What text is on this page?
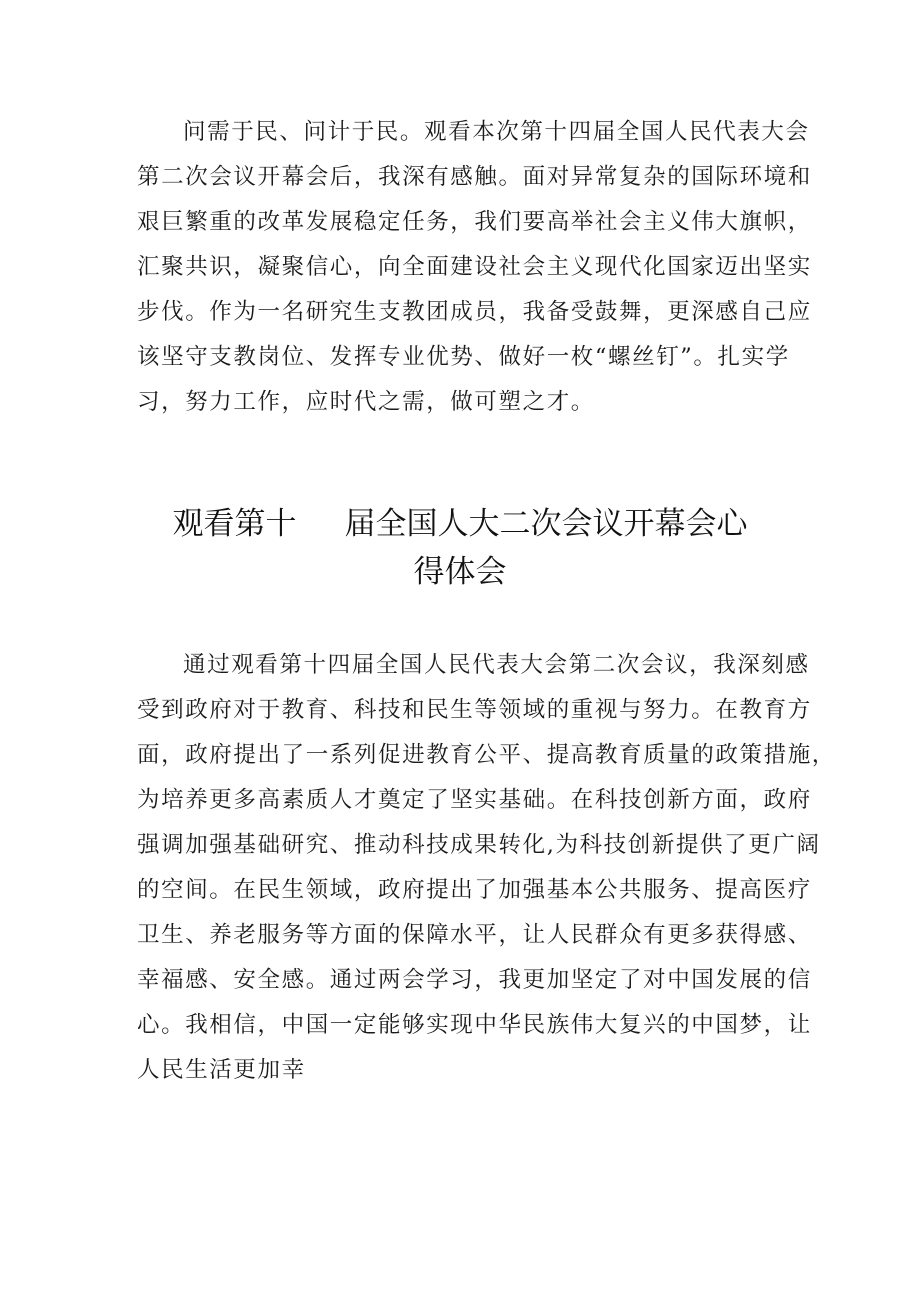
问需于民、问计于民。观看本次第十四届全国人民代表大会
第二次会议开幕会后，我深有感触。面对异常复杂的国际环境和
艰巨繁重的改革发展稳定任务，我们要高举社会主义伟大旗帜，
汇聚共识，凝聚信心，向全面建设社会主义现代化国家迈出坚实
步伐。作为一名研究生支教团成员，我备受鼓舞，更深感自己应
该坚守支教岗位、发挥专业优势、做好一枚“螺丝钉”。扎实学
习，努力工作，应时代之需，做可塑之才。
观看第十 届全国人大二次会议开幕会心
得体会
通过观看第十四届全国人民代表大会第二次会议，我深刻感
受到政府对于教育、科技和民生等领域的重视与努力。在教育方
面，政府提出了一系列促进教育公平、提高教育质量的政策措施，
为培养更多高素质人才奠定了坚实基础。在科技创新方面，政府
强调加强基础研究、推动科技成果转化,为科技创新提供了更广阔
的空间。在民生领域，政府提出了加强基本公共服务、提高医疗
卫生、养老服务等方面的保障水平，让人民群众有更多获得感、
幸福感、安全感。通过两会学习，我更加坚定了对中国发展的信
心。我相信，中国一定能够实现中华民族伟大复兴的中国梦，让
人民生活更加幸
